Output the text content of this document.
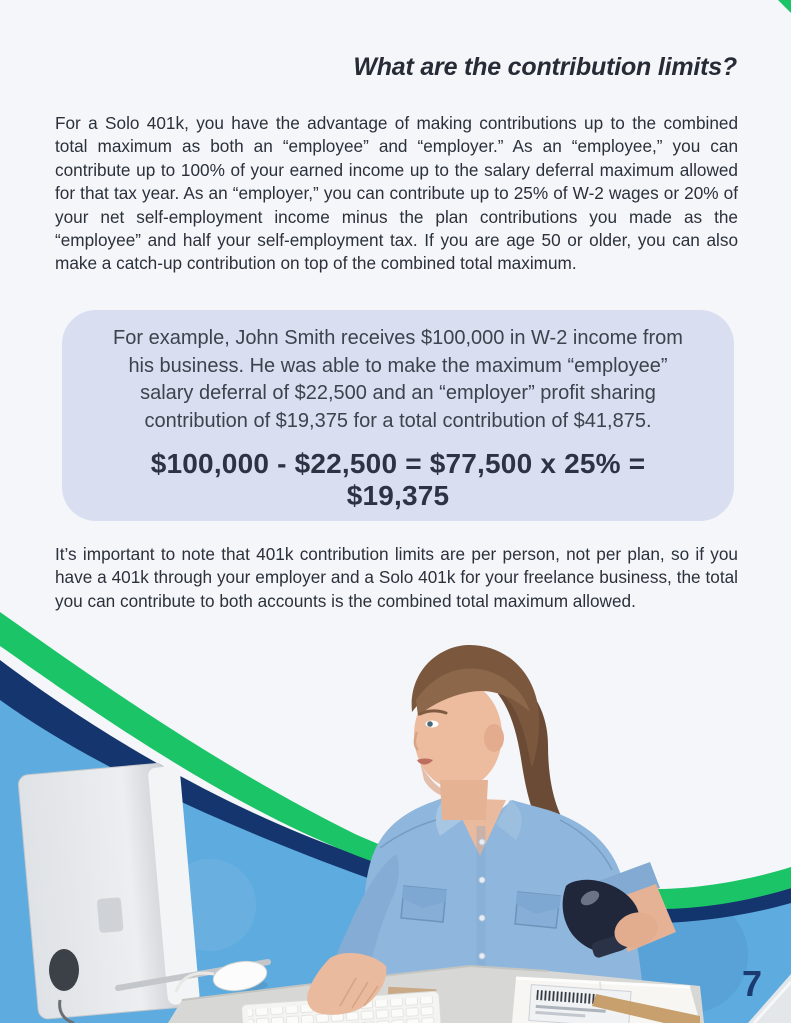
What are the contribution limits?
For a Solo 401k, you have the advantage of making contributions up to the combined total maximum as both an “employee” and “employer.” As an “employee,” you can contribute up to 100% of your earned income up to the salary deferral maximum allowed for that tax year. As an “employer,” you can contribute up to 25% of W-2 wages or 20% of your net self-employment income minus the plan contributions you made as the “employee” and half your self-employment tax. If you are age 50 or older, you can also make a catch-up contribution on top of the combined total maximum.
For example, John Smith receives $100,000 in W-2 income from his business. He was able to make the maximum “employee” salary deferral of $22,500 and an “employer” profit sharing contribution of $19,375 for a total contribution of $41,875.
$100,000 - $22,500 = $77,500 x 25% = $19,375
It’s important to note that 401k contribution limits are per person, not per plan, so if you have a 401k through your employer and a Solo 401k for your freelance business, the total you can contribute to both accounts is the combined total maximum allowed.
7
